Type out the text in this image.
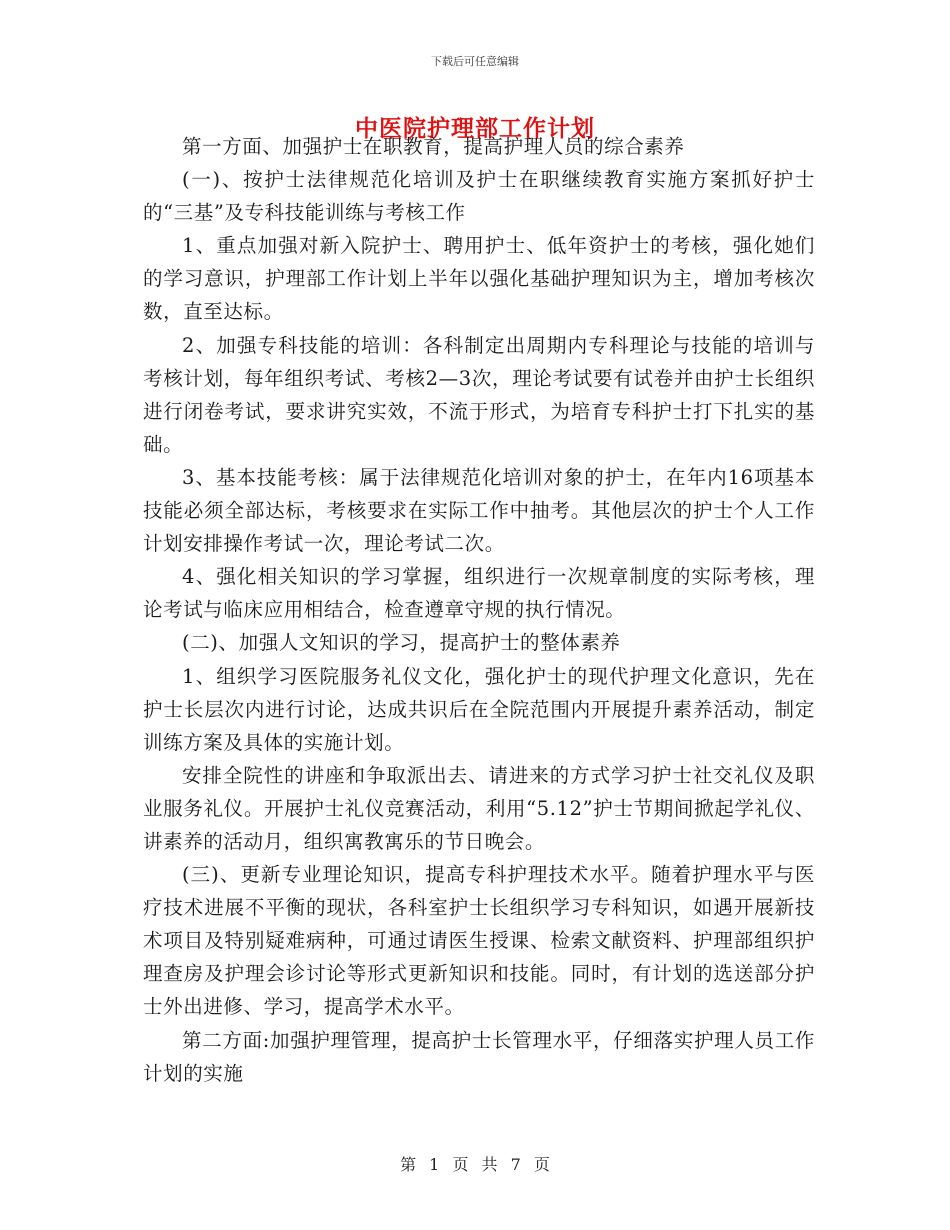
下载后可任意编辑
中医院护理部工作计划

第一方面、加强护士在职教育，提高护理人员的综合素养

(一)、按护士法律规范化培训及护士在职继续教育实施方案抓好护士的“三基”及专科技能训练与考核工作

1、重点加强对新入院护士、聘用护士、低年资护士的考核，强化她们的学习意识，护理部工作计划上半年以强化基础护理知识为主，增加考核次数，直至达标。

2、加强专科技能的培训：各科制定出周期内专科理论与技能的培训与考核计划，每年组织考试、考核2—3次，理论考试要有试卷并由护士长组织进行闭卷考试，要求讲究实效，不流于形式，为培育专科护士打下扎实的基础。

3、基本技能考核：属于法律规范化培训对象的护士，在年内16项基本技能必须全部达标，考核要求在实际工作中抽考。其他层次的护士个人工作计划安排操作考试一次，理论考试二次。

4、强化相关知识的学习掌握，组织进行一次规章制度的实际考核，理论考试与临床应用相结合，检查遵章守规的执行情况。

(二)、加强人文知识的学习，提高护士的整体素养

1、组织学习医院服务礼仪文化，强化护士的现代护理文化意识，先在护士长层次内进行讨论，达成共识后在全院范围内开展提升素养活动，制定训练方案及具体的实施计划。

安排全院性的讲座和争取派出去、请进来的方式学习护士社交礼仪及职业服务礼仪。开展护士礼仪竞赛活动，利用“5.12”护士节期间掀起学礼仪、讲素养的活动月，组织寓教寓乐的节日晚会。

(三)、更新专业理论知识，提高专科护理技术水平。随着护理水平与医疗技术进展不平衡的现状，各科室护士长组织学习专科知识，如遇开展新技术项目及特别疑难病种，可通过请医生授课、检索文献资料、护理部组织护理查房及护理会诊讨论等形式更新知识和技能。同时，有计划的选送部分护士外出进修、学习，提高学术水平。

第二方面:加强护理管理，提高护士长管理水平，仔细落实护理人员工作计划的实施

第 1 页 共 7 页
